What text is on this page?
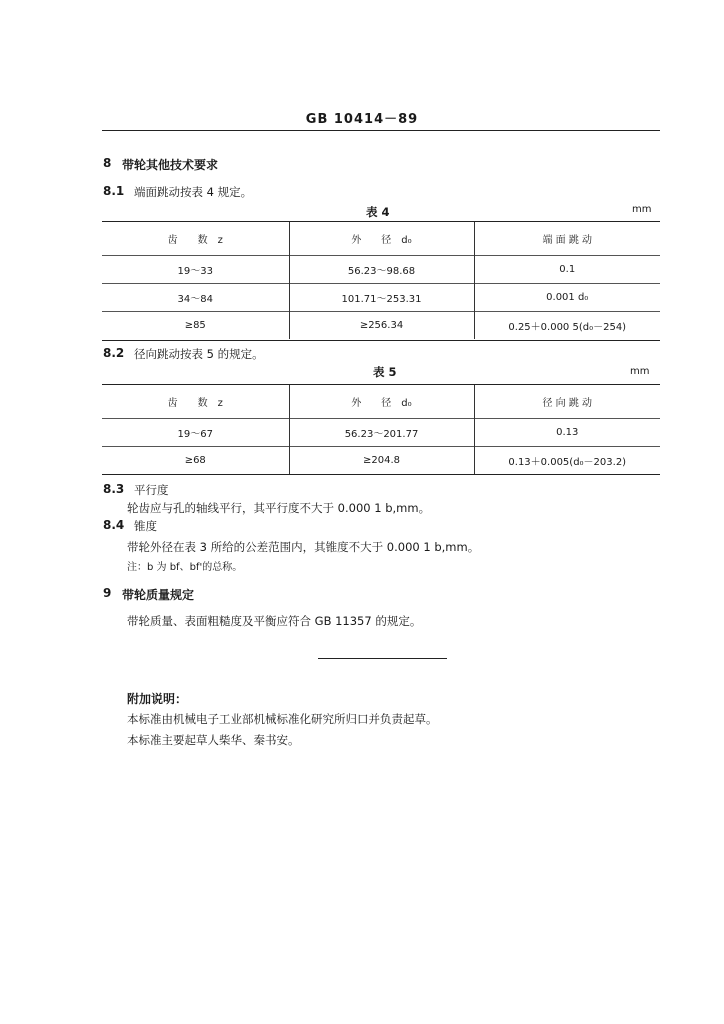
GB 10414－89
8 带轮其他技术要求
8.1 端面跳动按表 4 规定。
表 4	mm
齿　　数　z	外　　径　d₀	端 面 跳 动
19～33	56.23～98.68	0.1
34～84	101.71～253.31	0.001 d₀
≥85	≥256.34	0.25＋0.000 5(d₀－254)
8.2 径向跳动按表 5 的规定。
表 5	mm
齿　　数　z	外　　径　d₀	径 向 跳 动
19～67	56.23～201.77	0.13
≥68	≥204.8	0.13＋0.005(d₀－203.2)
8.3 平行度
轮齿应与孔的轴线平行，其平行度不大于 0.000 1 b,mm。
8.4 锥度
带轮外径在表 3 所给的公差范围内，其锥度不大于 0.000 1 b,mm。
注：b 为 bf、bf'的总称。
9 带轮质量规定
带轮质量、表面粗糙度及平衡应符合 GB 11357 的规定。
附加说明：
本标准由机械电子工业部机械标准化研究所归口并负责起草。
本标准主要起草人柴华、秦书安。
